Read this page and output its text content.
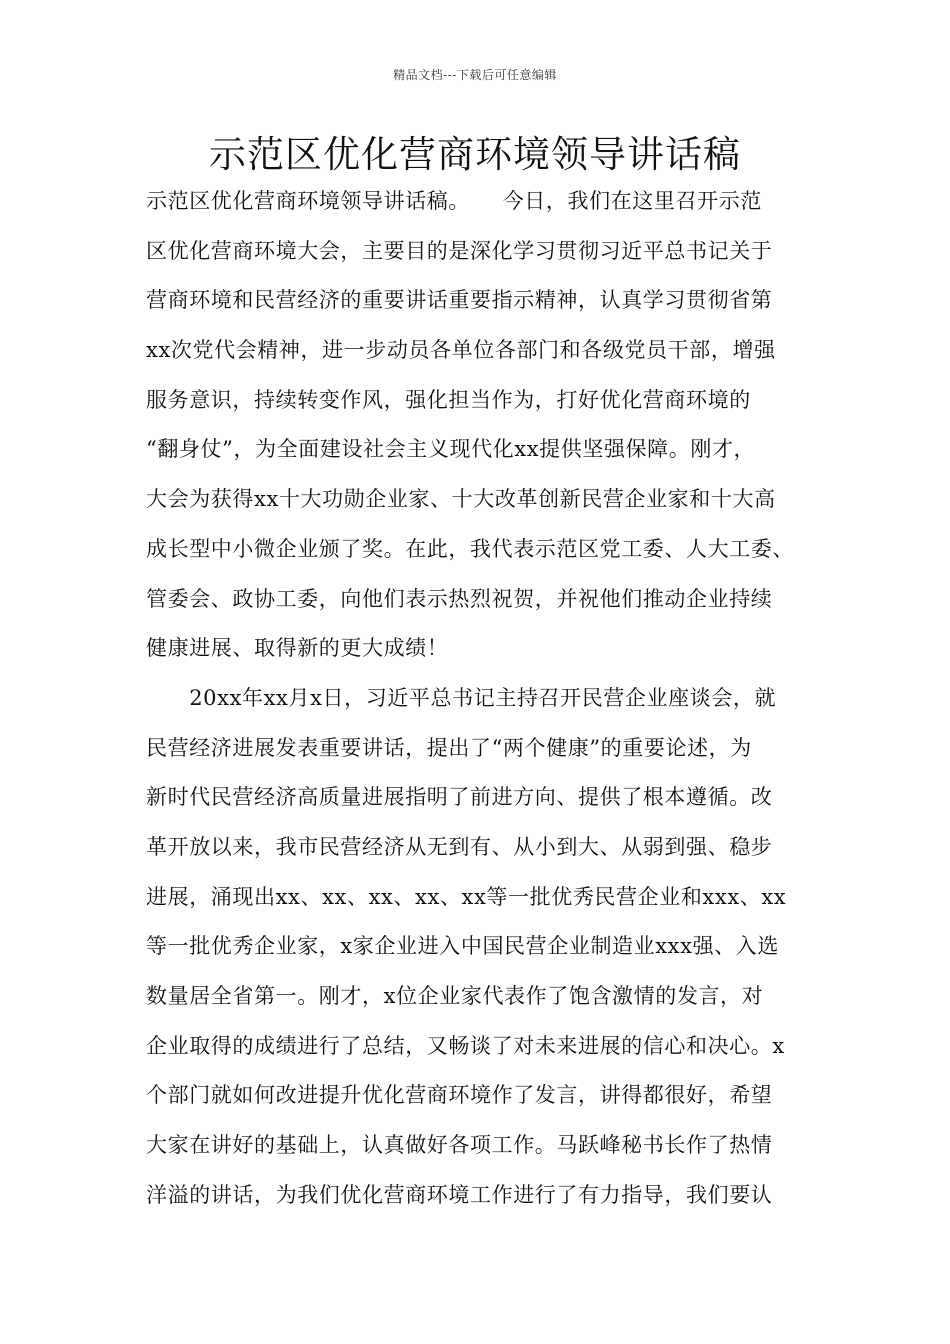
精品文档---下载后可任意编辑
示范区优化营商环境领导讲话稿
示范区优化营商环境领导讲话稿。　　今日，我们在这里召开示范
区优化营商环境大会，主要目的是深化学习贯彻习近平总书记关于
营商环境和民营经济的重要讲话重要指示精神，认真学习贯彻省第
xx次党代会精神，进一步动员各单位各部门和各级党员干部，增强
服务意识，持续转变作风，强化担当作为，打好优化营商环境的
“翻身仗”，为全面建设社会主义现代化xx提供坚强保障。刚才，
大会为获得xx十大功勋企业家、十大改革创新民营企业家和十大高
成长型中小微企业颁了奖。在此，我代表示范区党工委、人大工委、
管委会、政协工委，向他们表示热烈祝贺，并祝他们推动企业持续
健康进展、取得新的更大成绩！
　　20xx年xx月x日，习近平总书记主持召开民营企业座谈会，就
民营经济进展发表重要讲话，提出了“两个健康”的重要论述，为
新时代民营经济高质量进展指明了前进方向、提供了根本遵循。改
革开放以来，我市民营经济从无到有、从小到大、从弱到强、稳步
进展，涌现出xx、xx、xx、xx、xx等一批优秀民营企业和xxx、xx
等一批优秀企业家，x家企业进入中国民营企业制造业xxx强、入选
数量居全省第一。刚才，x位企业家代表作了饱含激情的发言，对
企业取得的成绩进行了总结，又畅谈了对未来进展的信心和决心。x
个部门就如何改进提升优化营商环境作了发言，讲得都很好，希望
大家在讲好的基础上，认真做好各项工作。马跃峰秘书长作了热情
洋溢的讲话，为我们优化营商环境工作进行了有力指导，我们要认
